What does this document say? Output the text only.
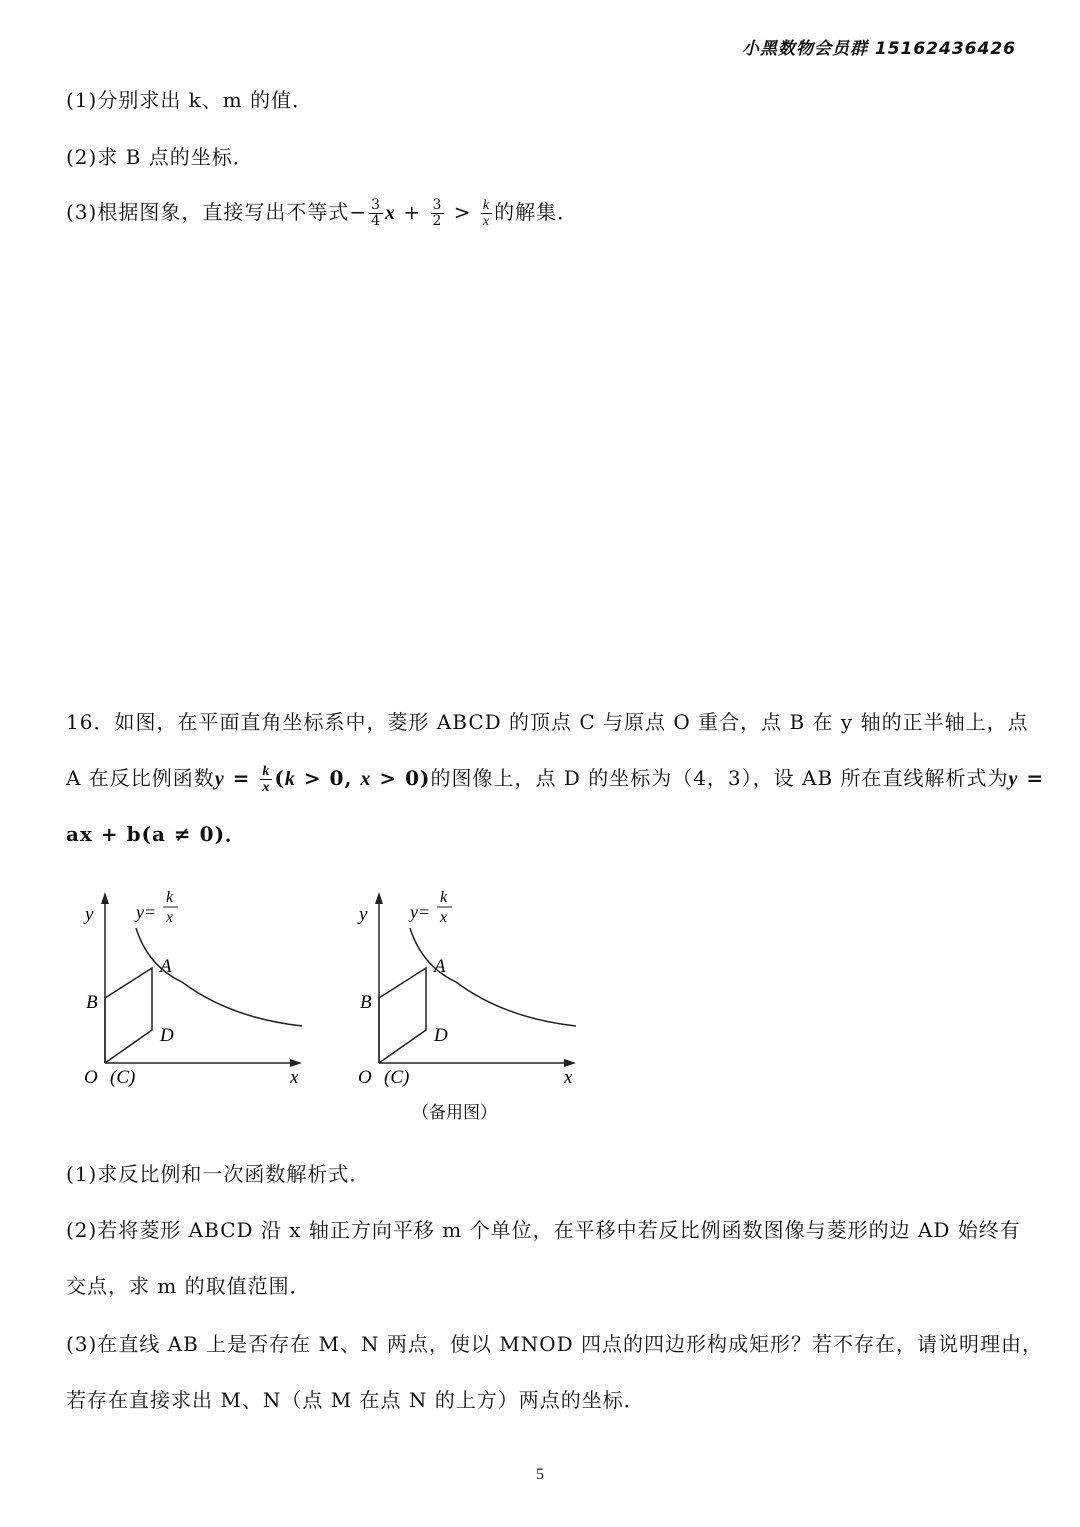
小黑数物会员群 15162436426
(1)分别求出 k、m 的值．
(2)求 B 点的坐标．
(3)根据图象，直接写出不等式− $\frac{3}{4}$ $x + \frac{3}{2} > \frac{k}{x}$ 的解集．
16．如图，在平面直角坐标系中，菱形 ABCD 的顶点 C 与原点 O 重合，点 B 在 y 轴的正半轴上，点
A 在反比例函数$y = \frac{k}{x} (k > 0$, x > 0)的图像上，点 D 的坐标为（4，3），设 AB 所在直线解析式为y =
ax + b(a ≠ 0)．
y
x
A
B
D
O (C)
y=
k
x	y
x
A
B
D
O (C)
y=
k
x
（备用图）
(1)求反比例和一次函数解析式．
(2)若将菱形 ABCD 沿 x 轴正方向平移 m 个单位，在平移中若反比例函数图像与菱形的边 AD 始终有
交点，求 m 的取值范围．
(3)在直线 AB 上是否存在 M、N 两点，使以 MNOD 四点的四边形构成矩形？若不存在，请说明理由，
若存在直接求出 M、N（点 M 在点 N 的上方）两点的坐标．
5
